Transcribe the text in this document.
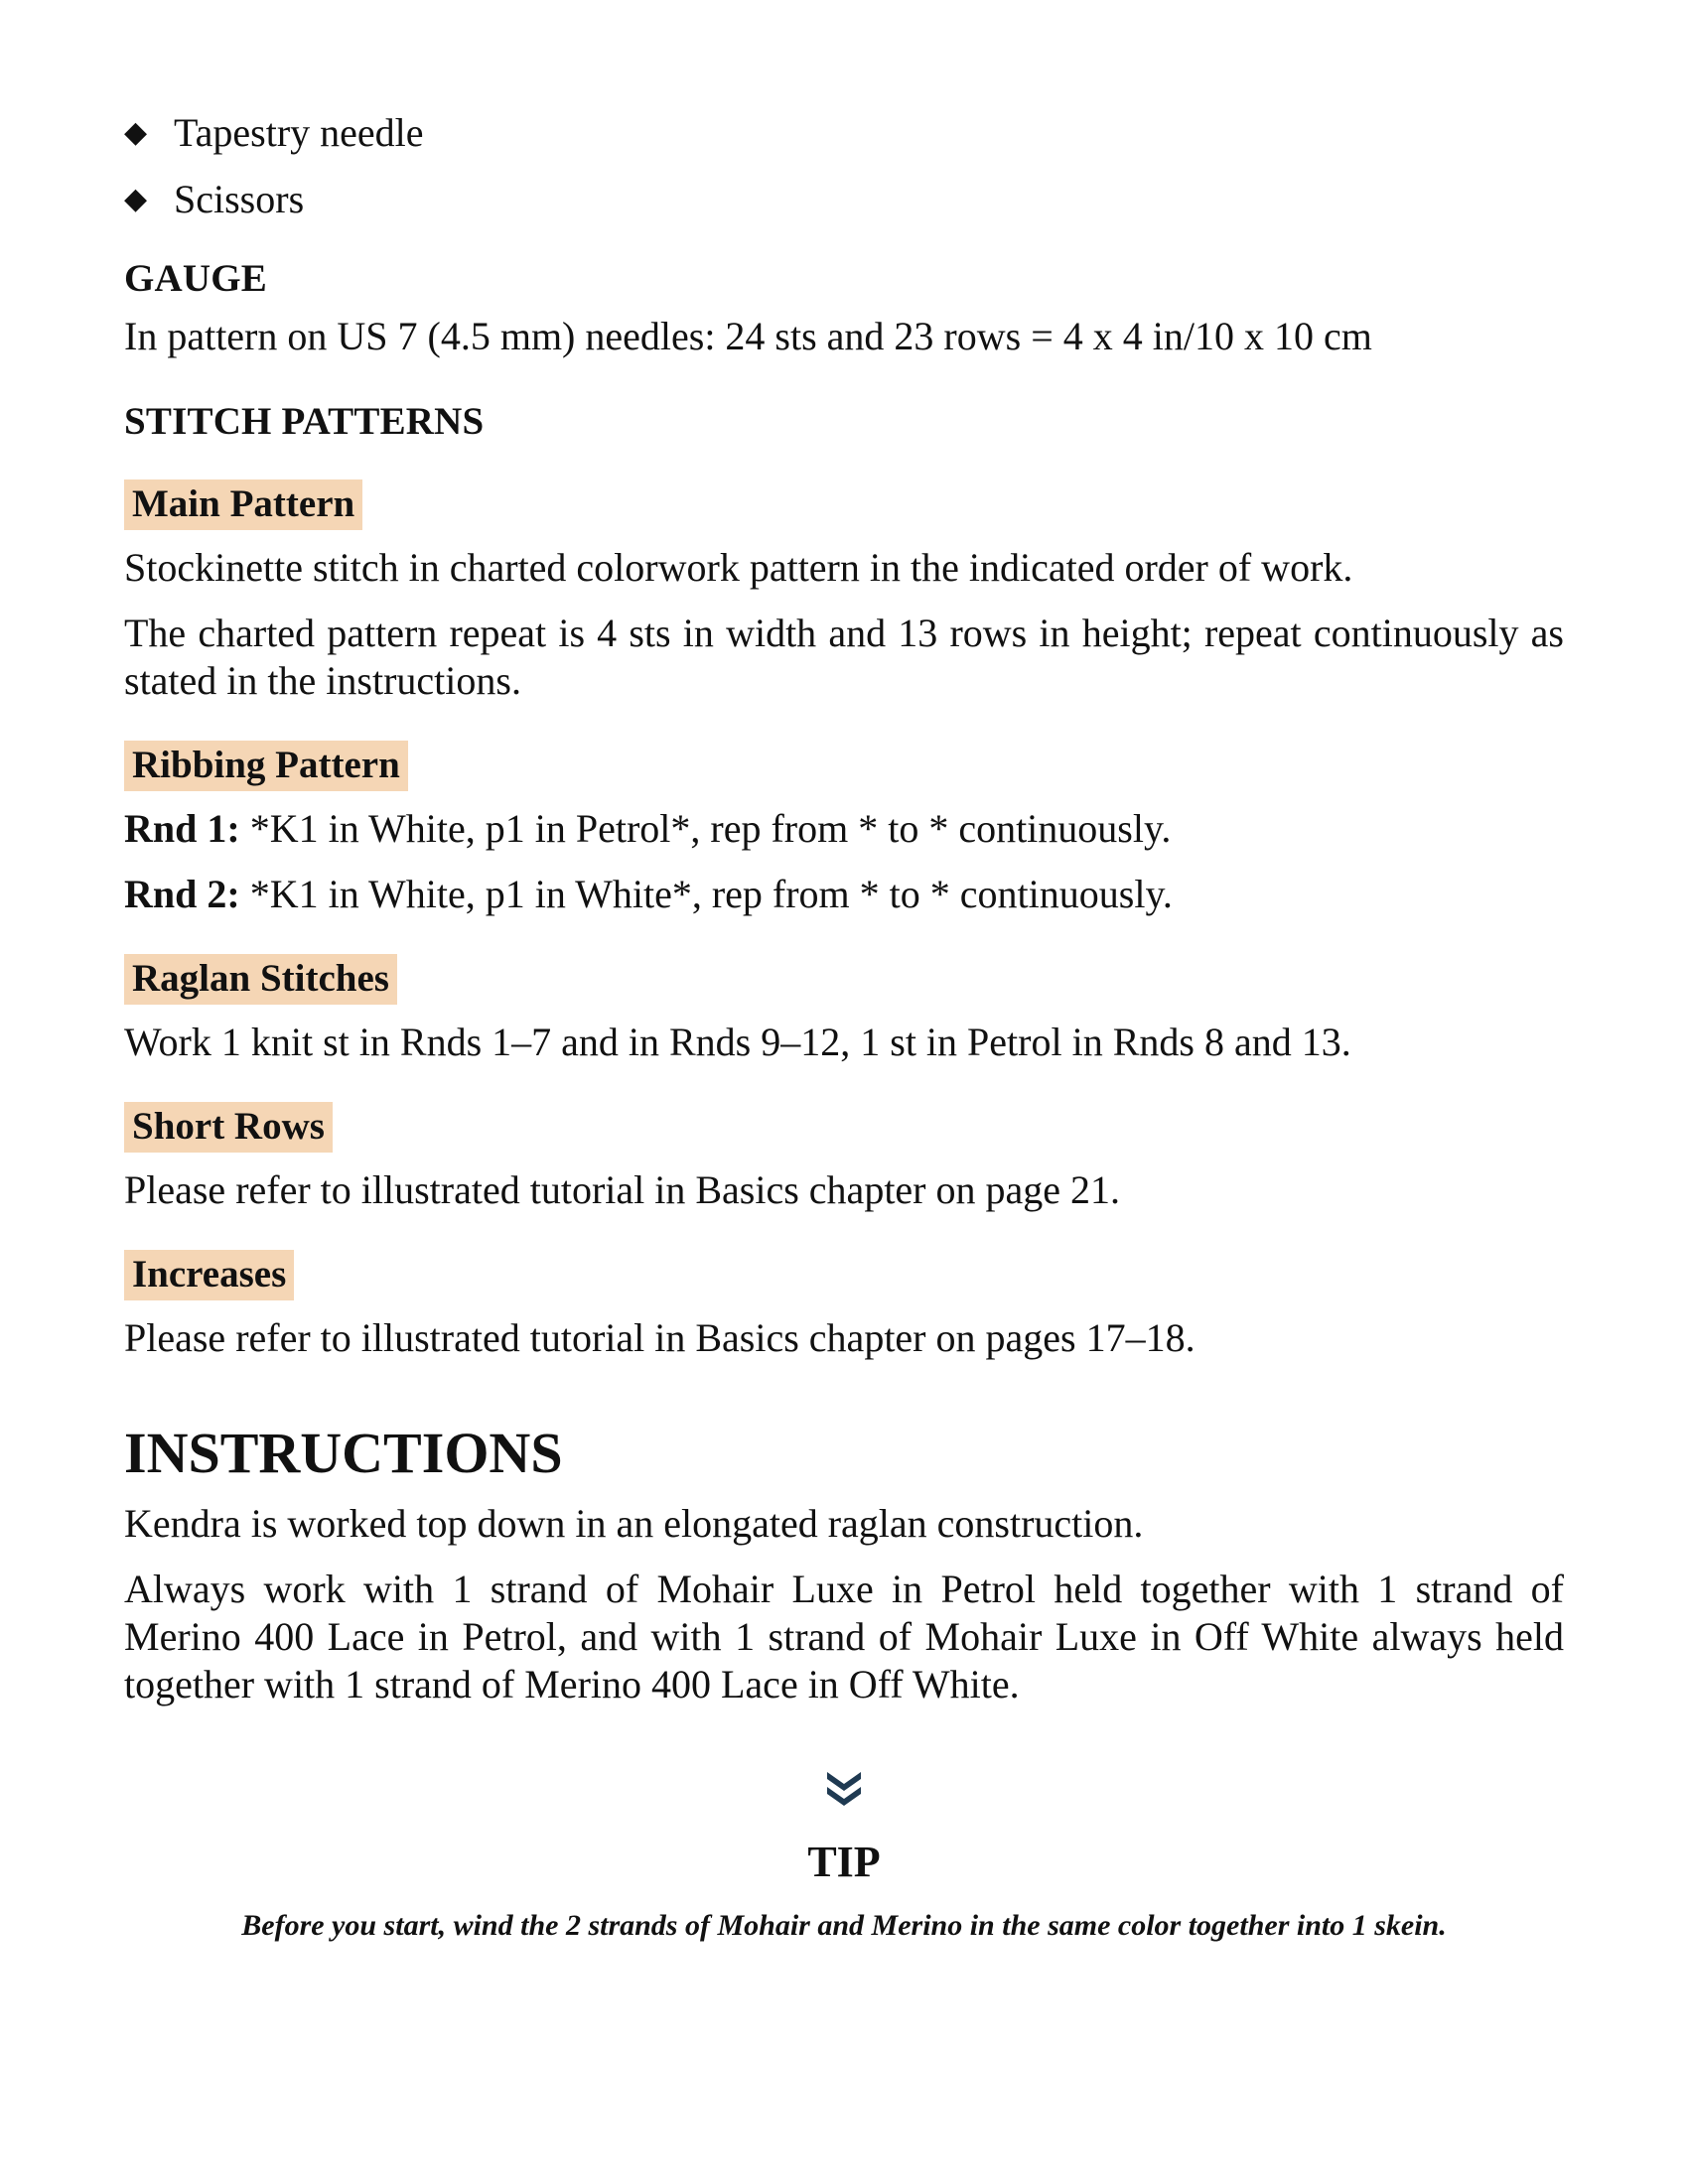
◆ Tapestry needle
◆ Scissors
GAUGE

In pattern on US 7 (4.5 mm) needles: 24 sts and 23 rows = 4 x 4 in/10 x 10 cm

STITCH PATTERNS
Main Pattern

Stockinette stitch in charted colorwork pattern in the indicated order of work.

The charted pattern repeat is 4 sts in width and 13 rows in height; repeat continuously as stated in the instructions.

Ribbing Pattern

Rnd 1: *K1 in White, p1 in Petrol*, rep from * to * continuously.

Rnd 2: *K1 in White, p1 in White*, rep from * to * continuously.

Raglan Stitches

Work 1 knit st in Rnds 1–7 and in Rnds 9–12, 1 st in Petrol in Rnds 8 and 13.

Short Rows

Please refer to illustrated tutorial in Basics chapter on page 21.

Increases

Please refer to illustrated tutorial in Basics chapter on pages 17–18.

INSTRUCTIONS

Kendra is worked top down in an elongated raglan construction.

Always work with 1 strand of Mohair Luxe in Petrol held together with 1 strand of Merino 400 Lace in Petrol, and with 1 strand of Mohair Luxe in Off White always held together with 1 strand of Merino 400 Lace in Off White.

TIP

Before you start, wind the 2 strands of Mohair and Merino in the same color together into 1 skein.
